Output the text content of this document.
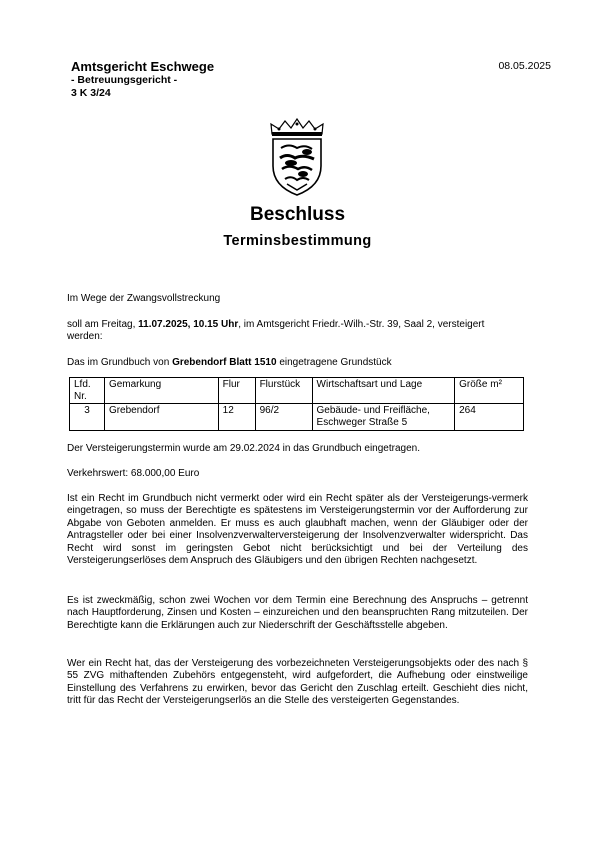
Amtsgericht Eschwege
- Betreuungsgericht -
3 K 3/24
08.05.2025
Beschluss
Terminsbestimmung
Im Wege der Zwangsvollstreckung
soll am Freitag, 11.07.2025, 10.15 Uhr, im Amtsgericht Friedr.-Wilh.-Str. 39, Saal 2, versteigert werden:
Das im Grundbuch von Grebendorf Blatt 1510 eingetragene Grundstück
Lfd. Nr.	Gemarkung	Flur	Flurstück	Wirtschaftsart und Lage	Größe m²
3	Grebendorf	12	96/2	Gebäude- und Freifläche, Eschweger Straße 5	264
Der Versteigerungstermin wurde am 29.02.2024 in das Grundbuch eingetragen.
Verkehrswert: 68.000,00 Euro
Ist ein Recht im Grundbuch nicht vermerkt oder wird ein Recht später als der Versteigerungs-vermerk eingetragen, so muss der Berechtigte es spätestens im Versteigerungstermin vor der Aufforderung zur Abgabe von Geboten anmelden. Er muss es auch glaubhaft machen, wenn der Gläubiger oder der Antragsteller oder bei einer Insolvenzverwalterversteigerung der Insolvenzverwalter widerspricht. Das Recht wird sonst im geringsten Gebot nicht berücksichtigt und bei der Verteilung des Versteigerungserlöses dem Anspruch des Gläubigers und den übrigen Rechten nachgesetzt.
Es ist zweckmäßig, schon zwei Wochen vor dem Termin eine Berechnung des Anspruchs – getrennt nach Hauptforderung, Zinsen und Kosten – einzureichen und den beanspruchten Rang mitzuteilen. Der Berechtigte kann die Erklärungen auch zur Niederschrift der Geschäftsstelle abgeben.
Wer ein Recht hat, das der Versteigerung des vorbezeichneten Versteigerungsobjekts oder des nach § 55 ZVG mithaftenden Zubehörs entgegensteht, wird aufgefordert, die Aufhebung oder einstweilige Einstellung des Verfahrens zu erwirken, bevor das Gericht den Zuschlag erteilt. Geschieht dies nicht, tritt für das Recht der Versteigerungserlös an die Stelle des versteigerten Gegenstandes.
